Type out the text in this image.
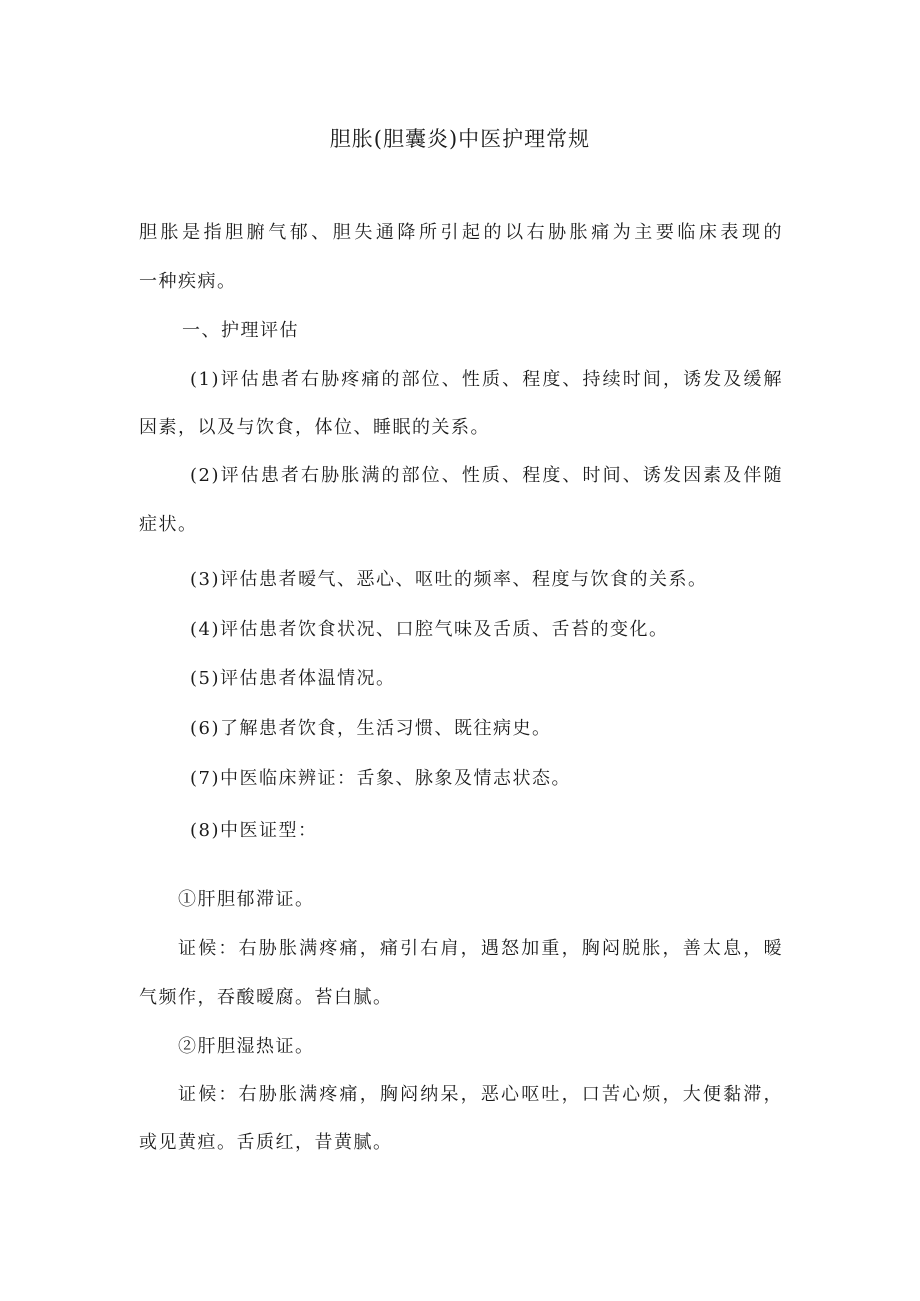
胆胀(胆囊炎)中医护理常规
胆胀是指胆腑气郁、胆失通降所引起的以右胁胀痛为主要临床表现的
一种疾病。
一、护理评估
(1)评估患者右胁疼痛的部位、性质、程度、持续时间，诱发及缓解
因素，以及与饮食，体位、睡眠的关系。
(2)评估患者右胁胀满的部位、性质、程度、时间、诱发因素及伴随
症状。
(3)评估患者暧气、恶心、呕吐的频率、程度与饮食的关系。
(4)评估患者饮食状况、口腔气味及舌质、舌苔的变化。
(5)评估患者体温情况。
(6)了解患者饮食，生活习惯、既往病史。
(7)中医临床辨证：舌象、脉象及情志状态。
(8)中医证型：
①肝胆郁滞证。
证候：右胁胀满疼痛，痛引右肩，遇怒加重，胸闷脱胀，善太息，暧
气频作，吞酸暧腐。苔白腻。
②肝胆湿热证。
证候：右胁胀满疼痛，胸闷纳呆，恶心呕吐，口苦心烦，大便黏滞，
或见黄疸。舌质红，昔黄腻。
